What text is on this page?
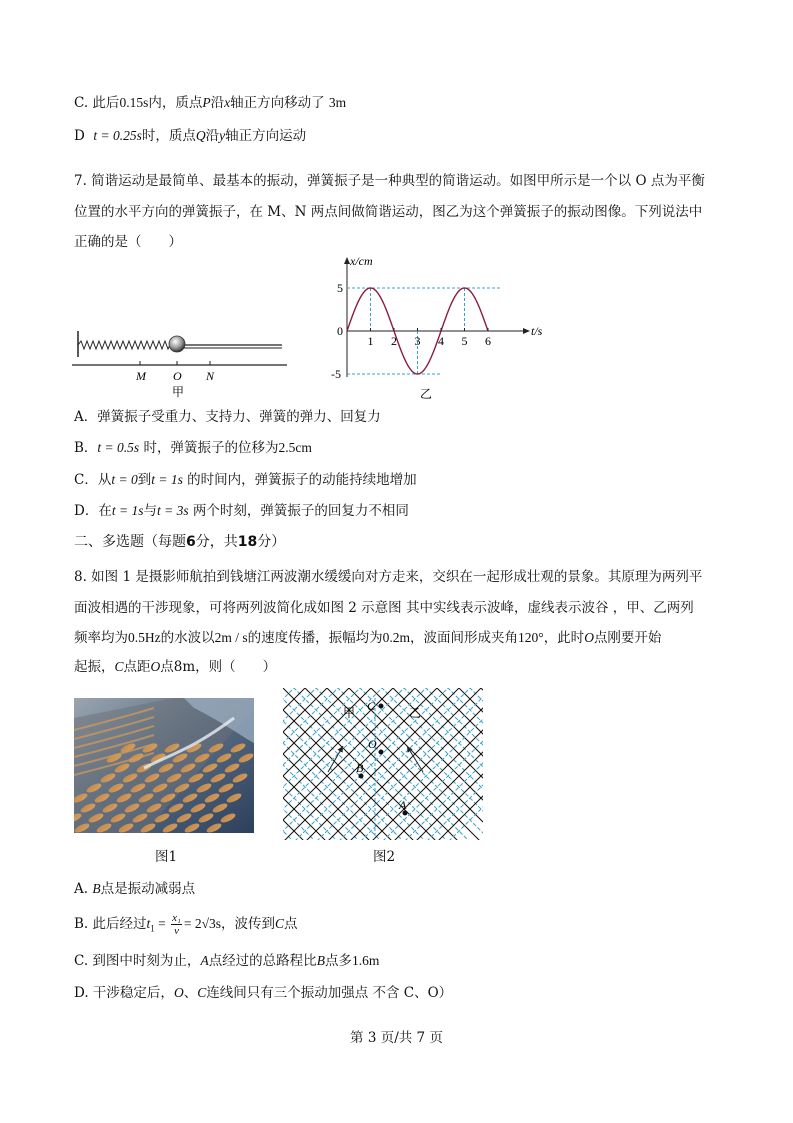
C. 此后0.15s内，质点P沿x轴正方向移动了 3m
D t = 0.25s时，质点Q沿y轴正方向运动
7. 简谐运动是最简单、最基本的振动，弹簧振子是一种典型的简谐运动。如图甲所示是一个以 O 点为平衡
位置的水平方向的弹簧振子，在 M、N 两点间做简谐运动，图乙为这个弹簧振子的振动图像。下列说法中
正确的是（　　）
M O N
甲
x/cm
t/s
乙
5
0
-5
1 2 3 4 5 6
A．弹簧振子受重力、支持力、弹簧的弹力、回复力
B．t = 0.5s 时，弹簧振子的位移为2.5cm
C．从t = 0到t = 1s 的时间内，弹簧振子的动能持续地增加
D．在t = 1s与t = 3s 两个时刻，弹簧振子的回复力不相同
二、多选题（每题6分，共18分）
8. 如图 1 是摄影师航拍到钱塘江两波潮水缓缓向对方走来，交织在一起形成壮观的景象。其原理为两列平
面波相遇的干涉现象，可将两列波简化成如图 2 示意图 其中实线表示波峰，虚线表示波谷 ，甲、乙两列
频率均为0.5Hz的水波以2m / s的速度传播，振幅均为0.2m，波面间形成夹角120°，此时O点刚要开始
起振，C点距O点8m，则（　　）
图1
甲	乙
C
O
B
A
图2
A. B点是振动减弱点
B. 此后经过$t_1 = \frac{\text{x₁}}{v} = 2√3s$，波传到C点
C. 到图中时刻为止，A点经过的总路程比B点多1.6m
D. 干涉稳定后，O、C连线间只有三个振动加强点 不含 C、O）
第 3 页/共 7 页
